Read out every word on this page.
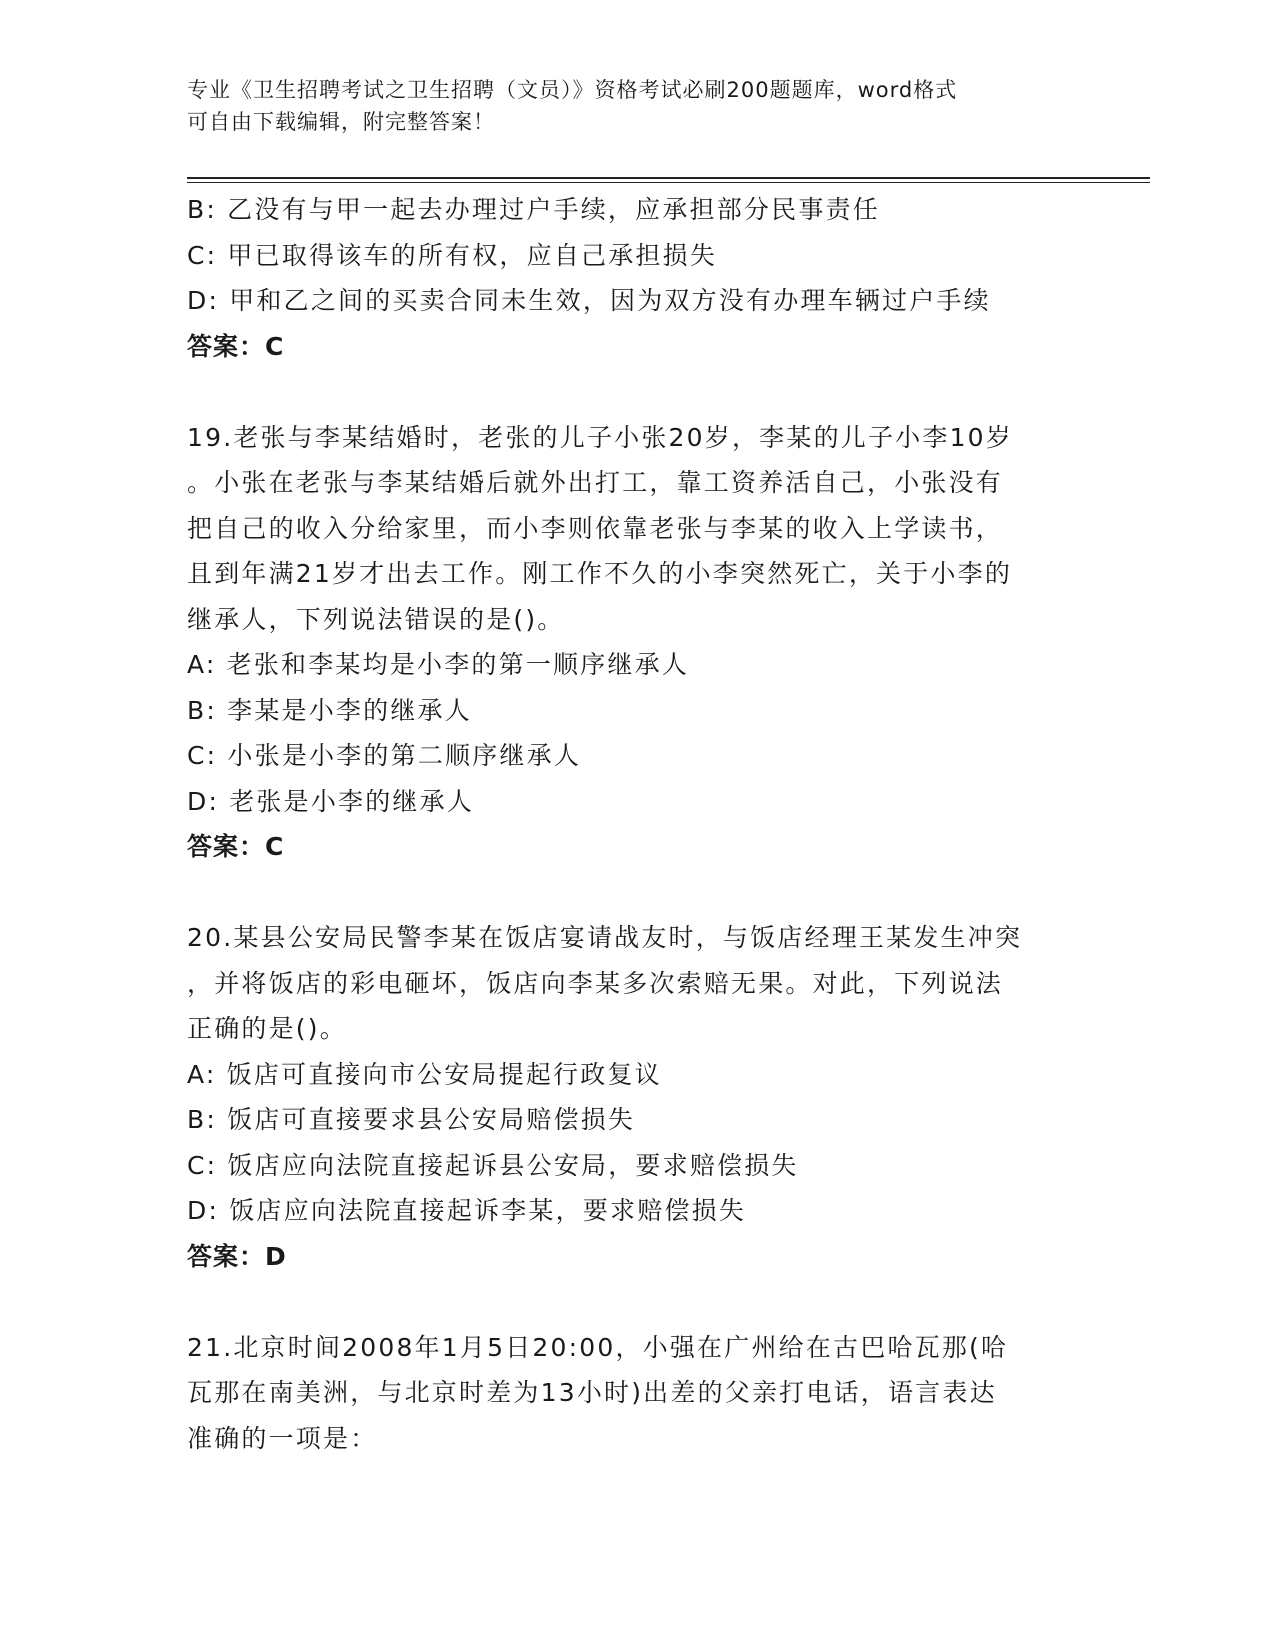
专业《卫生招聘考试之卫生招聘（文员）》资格考试必刷200题题库，word格式
可自由下载编辑，附完整答案！
B: 乙没有与甲一起去办理过户手续，应承担部分民事责任
C: 甲已取得该车的所有权，应自己承担损失
D: 甲和乙之间的买卖合同未生效，因为双方没有办理车辆过户手续
答案：C
19.老张与李某结婚时，老张的儿子小张20岁，李某的儿子小李10岁
。小张在老张与李某结婚后就外出打工，靠工资养活自己，小张没有
把自己的收入分给家里，而小李则依靠老张与李某的收入上学读书，
且到年满21岁才出去工作。刚工作不久的小李突然死亡，关于小李的
继承人，下列说法错误的是()。
A: 老张和李某均是小李的第一顺序继承人
B: 李某是小李的继承人
C: 小张是小李的第二顺序继承人
D: 老张是小李的继承人
答案：C
20.某县公安局民警李某在饭店宴请战友时，与饭店经理王某发生冲突
，并将饭店的彩电砸坏，饭店向李某多次索赔无果。对此，下列说法
正确的是()。
A: 饭店可直接向市公安局提起行政复议
B: 饭店可直接要求县公安局赔偿损失
C: 饭店应向法院直接起诉县公安局，要求赔偿损失
D: 饭店应向法院直接起诉李某，要求赔偿损失
答案：D
21.北京时间2008年1月5日20:00，小强在广州给在古巴哈瓦那(哈
瓦那在南美洲，与北京时差为13小时)出差的父亲打电话，语言表达
准确的一项是：
